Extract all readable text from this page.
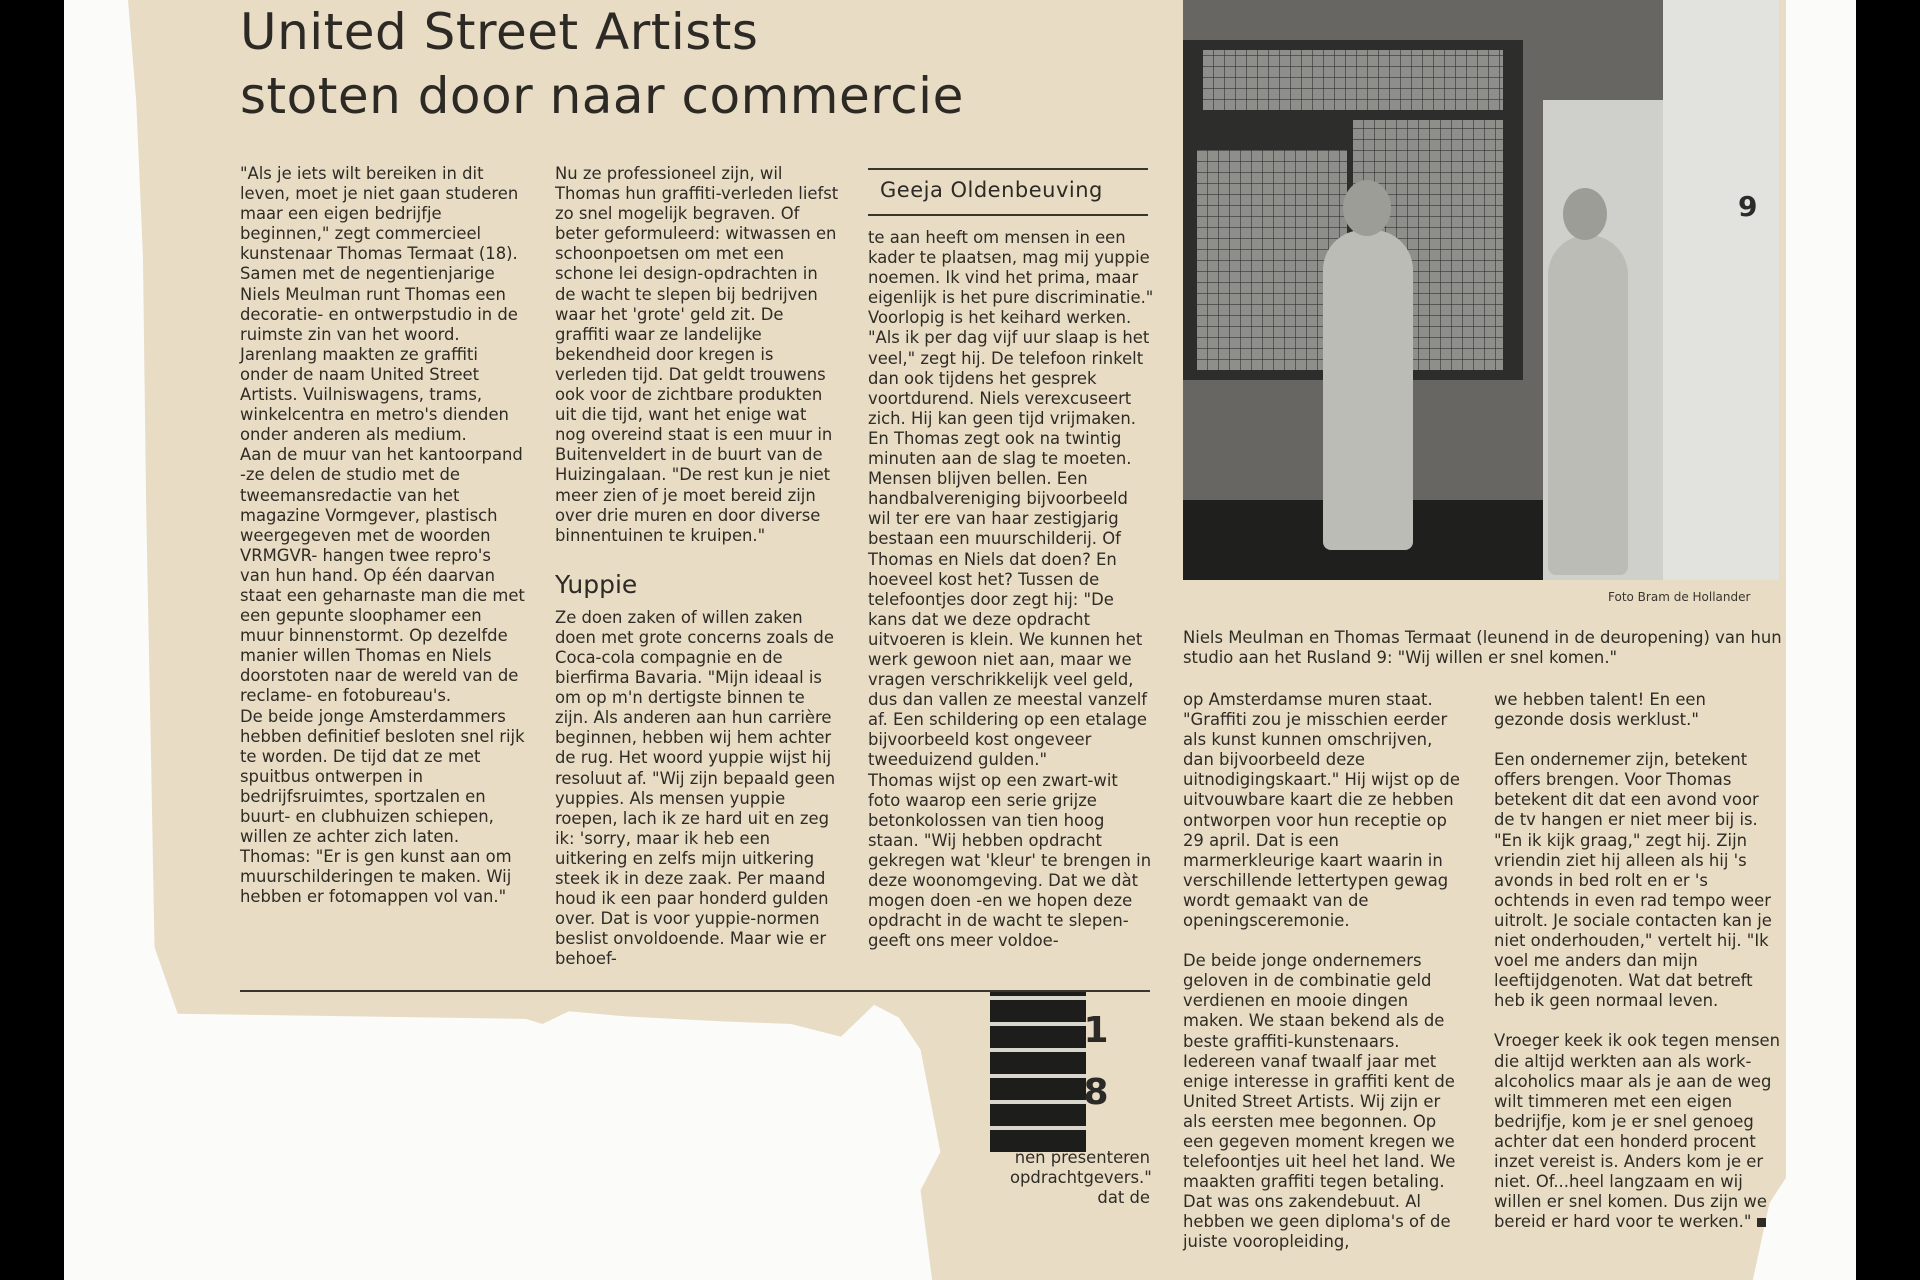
United Street Artists
stoten door naar commercie

"Als je iets wilt bereiken in dit leven, moet je niet gaan studeren maar een eigen bedrijfje beginnen," zegt commercieel kunstenaar Thomas Termaat (18). Samen met de negentienjarige Niels Meulman runt Thomas een decoratie- en ontwerpstudio in de ruimste zin van het woord. Jarenlang maakten ze graffiti onder de naam United Street Artists. Vuilniswagens, trams, winkelcentra en metro's dienden onder anderen als medium.

Aan de muur van het kantoorpand -ze delen de studio met de tweemansredactie van het magazine Vormgever, plastisch weergegeven met de woorden VRMGVR- hangen twee repro's van hun hand. Op één daarvan staat een geharnaste man die met een gepunte sloophamer een muur binnenstormt. Op dezelfde manier willen Thomas en Niels doorstoten naar de wereld van de reclame- en fotobureau's.

De beide jonge Amsterdammers hebben definitief besloten snel rijk te worden. De tijd dat ze met spuitbus ontwerpen in bedrijfsruimtes, sportzalen en buurt- en clubhuizen schiepen, willen ze achter zich laten. Thomas: "Er is gen kunst aan om muurschilderingen te maken. Wij hebben er fotomappen vol van."

Nu ze professioneel zijn, wil Thomas hun graffiti-verleden liefst zo snel mogelijk begraven. Of beter geformuleerd: witwassen en schoonpoetsen om met een schone lei design-opdrachten in de wacht te slepen bij bedrijven waar het 'grote' geld zit. De graffiti waar ze landelijke bekendheid door kregen is verleden tijd. Dat geldt trouwens ook voor de zichtbare produkten uit die tijd, want het enige wat nog overeind staat is een muur in Buitenveldert in de buurt van de Huizingalaan. "De rest kun je niet meer zien of je moet bereid zijn over drie muren en door diverse binnentuinen te kruipen."

Yuppie

Ze doen zaken of willen zaken doen met grote concerns zoals de Coca-cola compagnie en de bierfirma Bavaria. "Mijn ideaal is om op m'n dertigste binnen te zijn. Als anderen aan hun carrière beginnen, hebben wij hem achter de rug. Het woord yuppie wijst hij resoluut af. "Wij zijn bepaald geen yuppies. Als mensen yuppie roepen, lach ik ze hard uit en zeg ik: 'sorry, maar ik heb een uitkering en zelfs mijn uitkering steek ik in deze zaak. Per maand houd ik een paar honderd gulden over. Dat is voor yuppie-normen beslist onvoldoende. Maar wie er behoef-

Geeja Oldenbeuving

te aan heeft om mensen in een kader te plaatsen, mag mij yuppie noemen. Ik vind het prima, maar eigenlijk is het pure discriminatie."

Voorlopig is het keihard werken. "Als ik per dag vijf uur slaap is het veel," zegt hij. De telefoon rinkelt dan ook tijdens het gesprek voortdurend. Niels verexcuseert zich. Hij kan geen tijd vrijmaken. En Thomas zegt ook na twintig minuten aan de slag te moeten. Mensen blijven bellen. Een handbalvereniging bijvoorbeeld wil ter ere van haar zestigjarig bestaan een muurschilderij. Of Thomas en Niels dat doen? En hoeveel kost het? Tussen de telefoontjes door zegt hij: "De kans dat we deze opdracht uitvoeren is klein. We kunnen het werk gewoon niet aan, maar we vragen verschrikkelijk veel geld, dus dan vallen ze meestal vanzelf af. Een schildering op een etalage bijvoorbeeld kost ongeveer tweeduizend gulden."

Thomas wijst op een zwart-wit foto waarop een serie grijze betonkolossen van tien hoog staan. "Wij hebben opdracht gekregen wat 'kleur' te brengen in deze woonomgeving. Dat we dàt mogen doen -en we hopen deze opdracht in de wacht te slepen- geeft ons meer voldoe-

1
8
nen presenteren opdrachtgevers." dat de
9
Foto Bram de Hollander
Niels Meulman en Thomas Termaat (leunend in de deuropening) van hun studio aan het Rusland 9: "Wij willen er snel komen."

op Amsterdamse muren staat. "Graffiti zou je misschien eerder als kunst kunnen omschrijven, dan bijvoorbeeld deze uitnodigingskaart." Hij wijst op de uitvouwbare kaart die ze hebben ontworpen voor hun receptie op 29 april. Dat is een marmerkleurige kaart waarin in verschillende lettertypen gewag wordt gemaakt van de openingsceremonie.

De beide jonge ondernemers geloven in de combinatie geld verdienen en mooie dingen maken. We staan bekend als de beste graffiti-kunstenaars. Iedereen vanaf twaalf jaar met enige interesse in graffiti kent de United Street Artists. Wij zijn er als eersten mee begonnen. Op een gegeven moment kregen we telefoontjes uit heel het land. We maakten graffiti tegen betaling. Dat was ons zakendebuut. Al hebben we geen diploma's of de juiste vooropleiding,

we hebben talent! En een gezonde dosis werklust."

Een ondernemer zijn, betekent offers brengen. Voor Thomas betekent dit dat een avond voor de tv hangen er niet meer bij is. "En ik kijk graag," zegt hij. Zijn vriendin ziet hij alleen als hij 's avonds in bed rolt en er 's ochtends in even rad tempo weer uitrolt. Je sociale contacten kan je niet onderhouden," vertelt hij. "Ik voel me anders dan mijn leeftijdgenoten. Wat dat betreft heb ik geen normaal leven.

Vroeger keek ik ook tegen mensen die altijd werkten aan als work-alcoholics maar als je aan de weg wilt timmeren met een eigen bedrijfje, kom je er snel genoeg achter dat een honderd procent inzet vereist is. Anders kom je er niet. Of...heel langzaam en wij willen er snel komen. Dus zijn we bereid er hard voor te werken."
